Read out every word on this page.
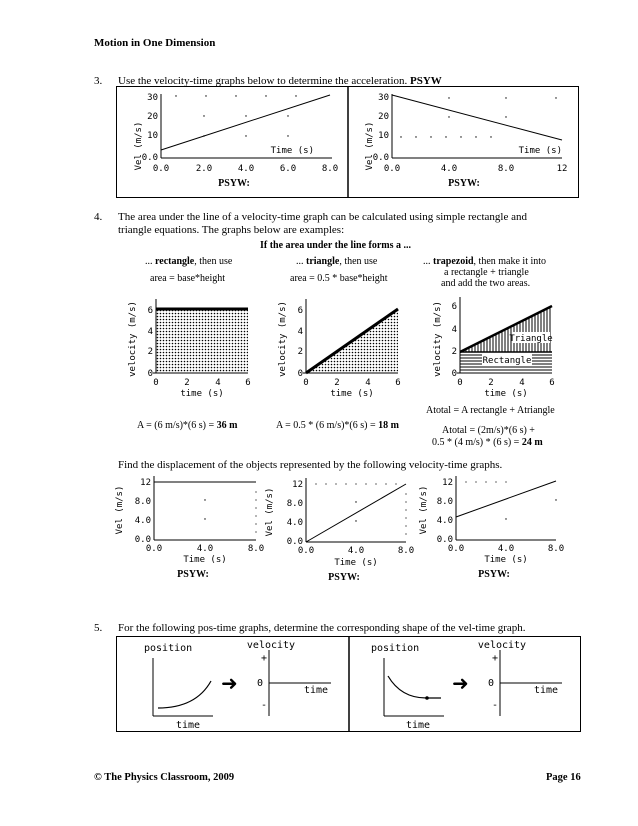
Motion in One Dimension
3. Use the velocity-time graphs below to determine the acceleration. PSYW
Vel (m/s)
30
20
10
0.0
0.0	2.0	4.0	6.0	8.0
Time (s)
PSYW:
Vel (m/s)
30
20
10
0.0
0.0	4.0	8.0	12
Time (s)
PSYW:
4. The area under the line of a velocity-time graph can be calculated using simple rectangle and
triangle equations. The graphs below are examples:
If the area under the line forms a ...
... rectangle, then use
area = base*height
... triangle, then use
area = 0.5 * base*height
... trapezoid, then make it into
a rectangle + triangle
and add the two areas.
velocity (m/s) 6
4
2
0
0	2	4	6
time (s)
velocity (m/s) 6
4
2
0
0	2	4	6
time (s)
velocity (m/s)	Triangle
Rectangle
6
4
2
0
0	2	4	6
time (s)
Atotal = A rectangle + Atriangle
A = (6 m/s)*(6 s) = 36 m	A = 0.5 * (6 m/s)*(6 s) = 18 m	Atotal = (2m/s)*(6 s) +
0.5 * (4 m/s) * (6 s) = 24 m
Find the displacement of the objects represented by the following velocity-time graphs.
Vel (m/s)
12
8.0
4.0
0.0
0.0	4.0	8.0
Time (s)
PSYW:
Vel (m/s)
12
8.0
4.0
0.0
0.0	4.0	8.0
Time (s)
PSYW:
Vel (m/s)
12
8.0
4.0
0.0
0.0	4.0	8.0
Time (s)
PSYW:
5. For the following pos-time graphs, determine the corresponding shape of the vel-time graph.
position
time
➜
velocity
+
0
-
time
position
time
➜
velocity
+
0
-
time
© The Physics Classroom, 2009	Page 16
